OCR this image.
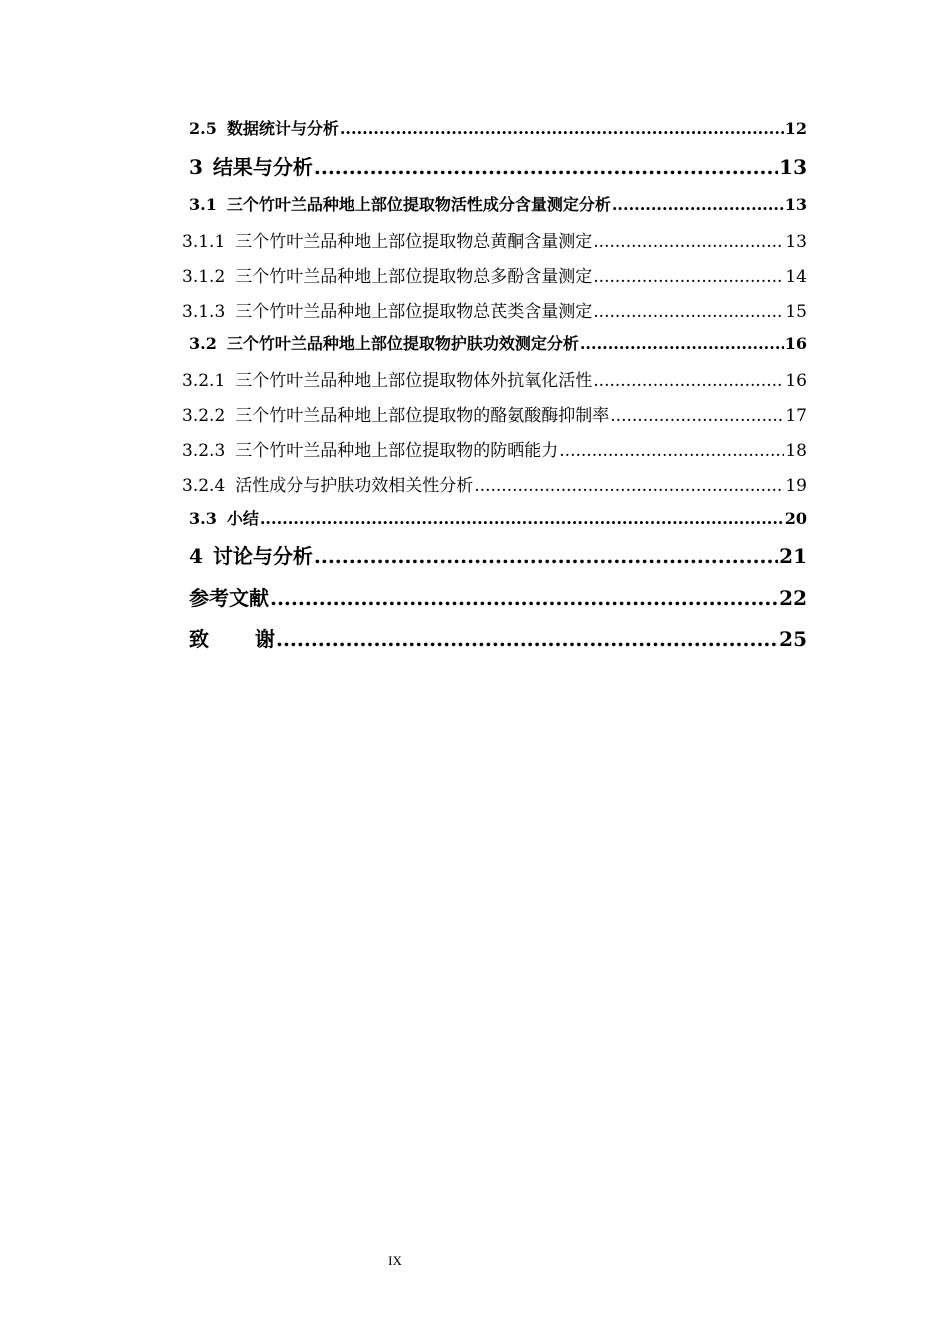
2.5 数据统计与分析 .....	12
3 结果与分析 .....	13
3.1 三个竹叶兰品种地上部位提取物活性成分含量测定分析 .....	13
3.1.1 三个竹叶兰品种地上部位提取物总黄酮含量测定 .....	13
3.1.2 三个竹叶兰品种地上部位提取物总多酚含量测定 .....	14
3.1.3 三个竹叶兰品种地上部位提取物总芪类含量测定 .....	15
3.2 三个竹叶兰品种地上部位提取物护肤功效测定分析 .....	16
3.2.1 三个竹叶兰品种地上部位提取物体外抗氧化活性 .....	16
3.2.2 三个竹叶兰品种地上部位提取物的酪氨酸酶抑制率 .....	17
3.2.3 三个竹叶兰品种地上部位提取物的防晒能力 .....	18
3.2.4 活性成分与护肤功效相关性分析 .....	19
3.3 小结 .....	20
4 讨论与分析 .....	21
参考文献 .....	22
致 谢 .....	25
IX
